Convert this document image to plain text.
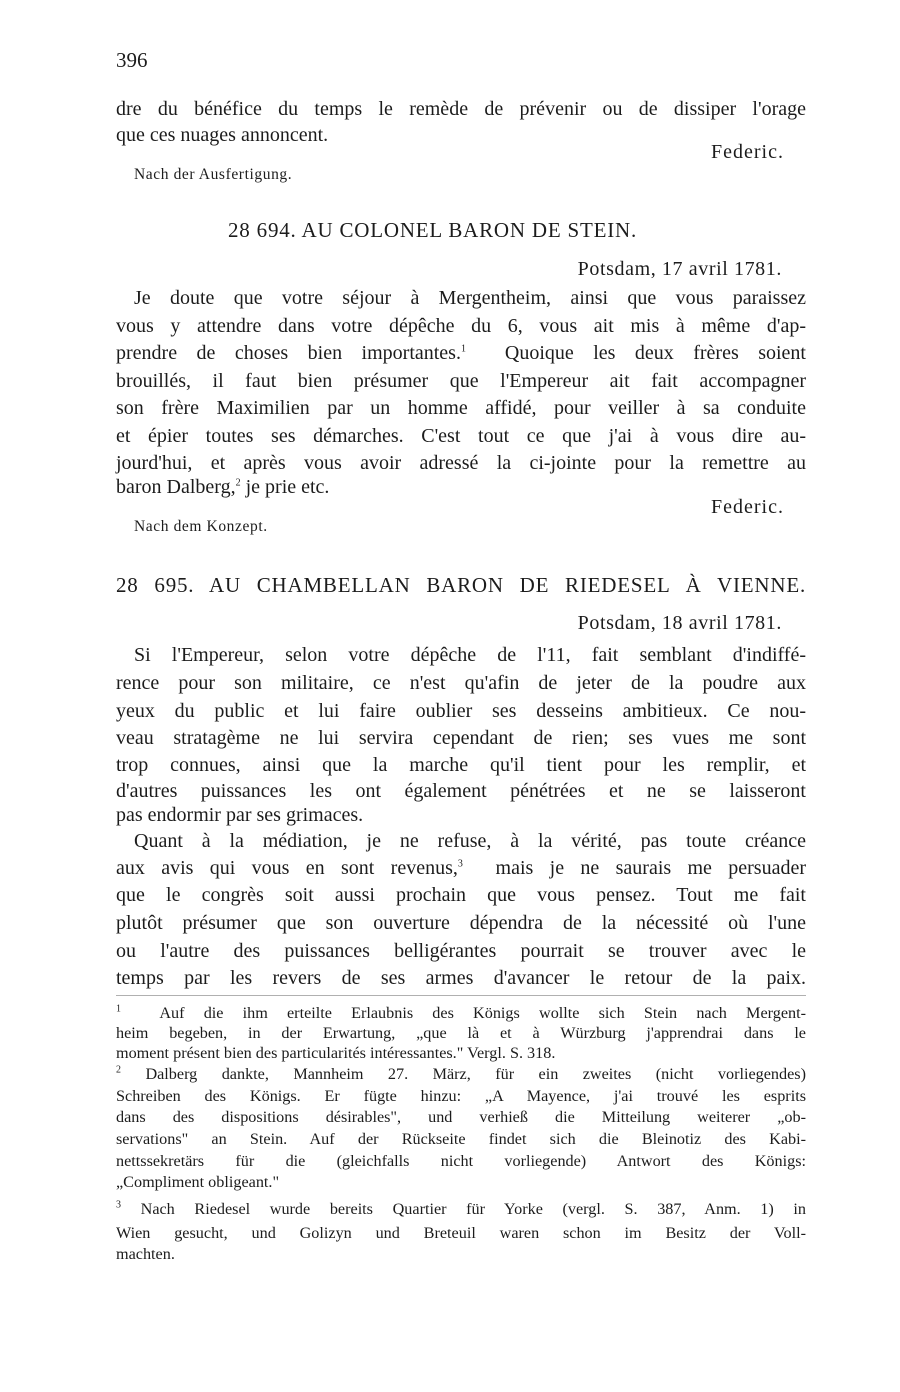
396
dre du bénéfice du temps le remède de prévenir ou de dissiper l'orage
que ces nuages annoncent.
Federic.
Nach der Ausfertigung.
28 694. AU COLONEL BARON DE STEIN.
Potsdam, 17 avril 1781.
Je doute que votre séjour à Mergentheim, ainsi que vous paraissez
vous y attendre dans votre dépêche du 6, vous ait mis à même d'ap-
prendre de choses bien importantes.$^1$ Quoique les deux frères soient
brouillés, il faut bien présumer que l'Empereur ait fait accompagner
son frère Maximilien par un homme affidé, pour veiller à sa conduite
et épier toutes ses démarches. C'est tout ce que j'ai à vous dire au-
jourd'hui, et après vous avoir adressé la ci-jointe pour la remettre au
baron Dalberg,$^2$ je prie etc.
Federic.
Nach dem Konzept.
28 695. AU CHAMBELLAN BARON DE RIEDESEL À VIENNE.
Potsdam, 18 avril 1781.
Si l'Empereur, selon votre dépêche de l'11, fait semblant d'indiffé-
rence pour son militaire, ce n'est qu'afin de jeter de la poudre aux
yeux du public et lui faire oublier ses desseins ambitieux. Ce nou-
veau stratagème ne lui servira cependant de rien; ses vues me sont
trop connues, ainsi que la marche qu'il tient pour les remplir, et
d'autres puissances les ont également pénétrées et ne se laisseront
pas endormir par ses grimaces.
Quant à la médiation, je ne refuse, à la vérité, pas toute créance
aux avis qui vous en sont revenus,$^3$ mais je ne saurais me persuader
que le congrès soit aussi prochain que vous pensez. Tout me fait
plutôt présumer que son ouverture dépendra de la nécessité où l'une
ou l'autre des puissances belligérantes pourrait se trouver avec le
temps par les revers de ses armes d'avancer le retour de la paix.
$^1$ Auf die ihm erteilte Erlaubnis des Königs wollte sich Stein nach Mergent-
heim begeben, in der Erwartung, „que là et à Würzburg j'apprendrai dans le
moment présent bien des particularités intéressantes." Vergl. S. 318.
$^2$ Dalberg dankte, Mannheim 27. März, für ein zweites (nicht vorliegendes)
Schreiben des Königs. Er fügte hinzu: „A Mayence, j'ai trouvé les esprits
dans des dispositions désirables", und verhieß die Mitteilung weiterer „ob-
servations" an Stein. Auf der Rückseite findet sich die Bleinotiz des Kabi-
nettssekretärs für die (gleichfalls nicht vorliegende) Antwort des Königs:
„Compliment obligeant."
$^3$ Nach Riedesel wurde bereits Quartier für Yorke (vergl. S. 387, Anm. 1) in
Wien gesucht, und Golizyn und Breteuil waren schon im Besitz der Voll-
machten.
